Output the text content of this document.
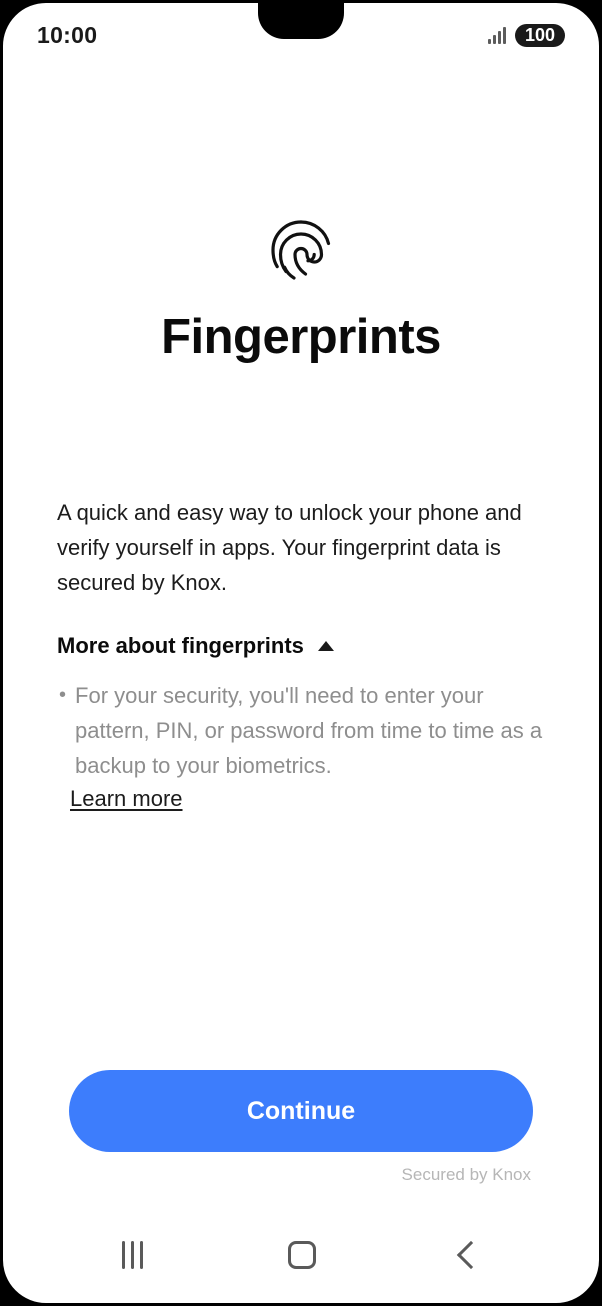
10:00	100
Fingerprints
A quick and easy way to unlock your phone and verify yourself in apps. Your fingerprint data is secured by Knox.
More about fingerprints
• For your security, you'll need to enter your pattern, PIN, or password from time to time as a backup to your biometrics.
Learn more
Continue
Secured by Knox
